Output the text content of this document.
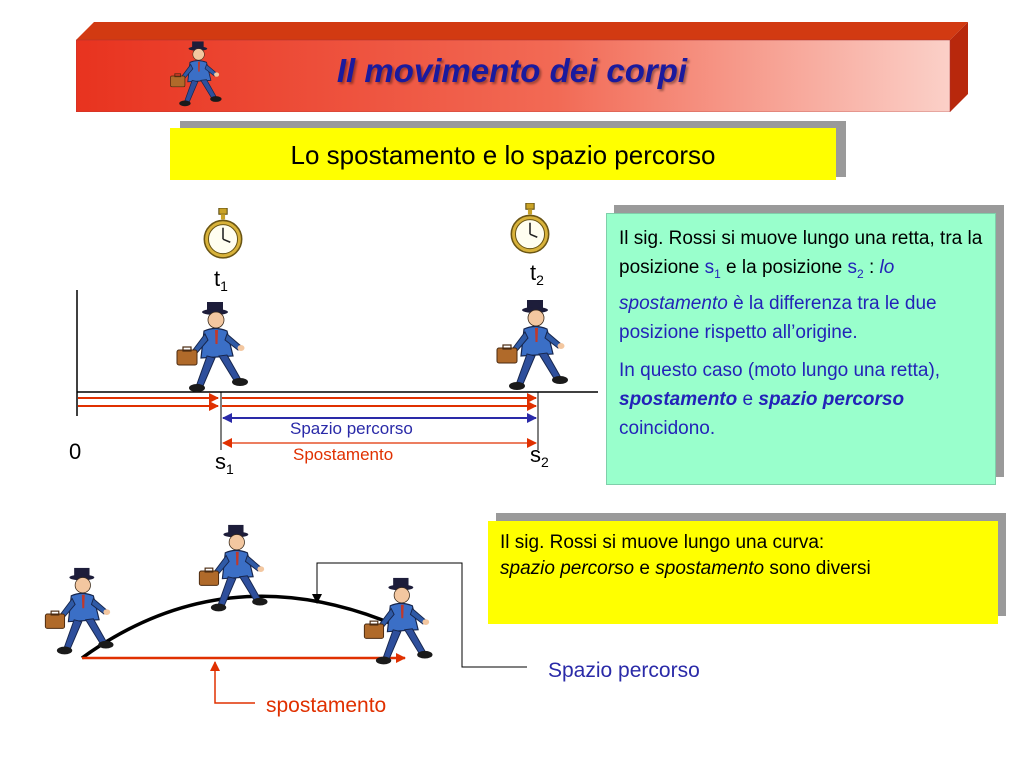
Il movimento dei corpi
Lo spostamento e lo spazio percorso
$t_1$
$t_2$
0	$s_1$
$s_2$
Spazio percorso
Spostamento

Il sig. Rossi si muove lungo una retta, tra la posizione $s_1$ e la posizione $s_2$ : lo spostamento è la differenza tra le due posizione rispetto all’origine.

In questo caso (moto lungo una retta), spostamento e spazio percorso coincidono.

spostamento
Spazio percorso

Il sig. Rossi si muove lungo una curva:
spazio percorso e spostamento sono diversi
